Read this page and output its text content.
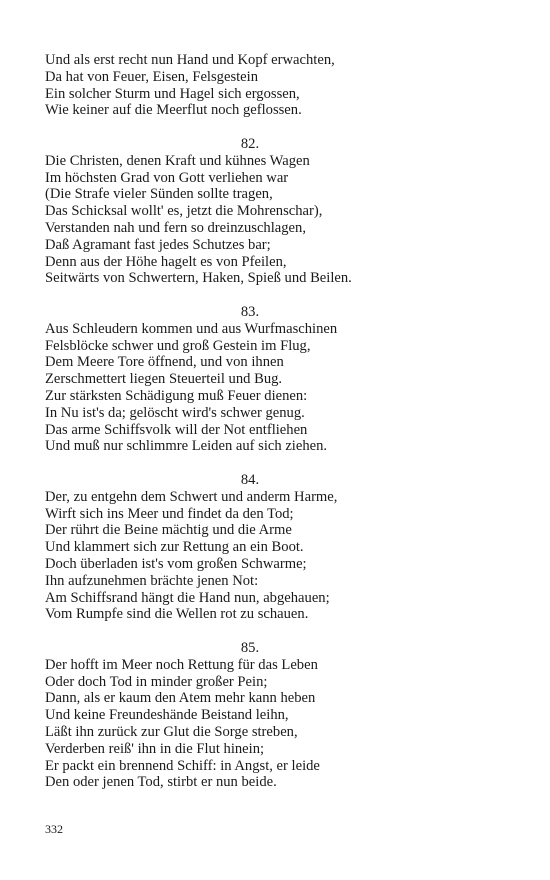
Und als erst recht nun Hand und Kopf erwachten,
Da hat von Feuer, Eisen, Felsgestein
Ein solcher Sturm und Hagel sich ergossen,
Wie keiner auf die Meerflut noch geflossen.
82.
Die Christen, denen Kraft und kühnes Wagen
Im höchsten Grad von Gott verliehen war
(Die Strafe vieler Sünden sollte tragen,
Das Schicksal wollt' es, jetzt die Mohrenschar),
Verstanden nah und fern so dreinzuschlagen,
Daß Agramant fast jedes Schutzes bar;
Denn aus der Höhe hagelt es von Pfeilen,
Seitwärts von Schwertern, Haken, Spieß und Beilen.
83.
Aus Schleudern kommen und aus Wurfmaschinen
Felsblöcke schwer und groß Gestein im Flug,
Dem Meere Tore öffnend, und von ihnen
Zerschmettert liegen Steuerteil und Bug.
Zur stärksten Schädigung muß Feuer dienen:
In Nu ist's da; gelöscht wird's schwer genug.
Das arme Schiffsvolk will der Not entfliehen
Und muß nur schlimmre Leiden auf sich ziehen.
84.
Der, zu entgehn dem Schwert und anderm Harme,
Wirft sich ins Meer und findet da den Tod;
Der rührt die Beine mächtig und die Arme
Und klammert sich zur Rettung an ein Boot.
Doch überladen ist's vom großen Schwarme;
Ihn aufzunehmen brächte jenen Not:
Am Schiffsrand hängt die Hand nun, abgehauen;
Vom Rumpfe sind die Wellen rot zu schauen.
85.
Der hofft im Meer noch Rettung für das Leben
Oder doch Tod in minder großer Pein;
Dann, als er kaum den Atem mehr kann heben
Und keine Freundeshände Beistand leihn,
Läßt ihn zurück zur Glut die Sorge streben,
Verderben reiß' ihn in die Flut hinein;
Er packt ein brennend Schiff: in Angst, er leide
Den oder jenen Tod, stirbt er nun beide.
332
